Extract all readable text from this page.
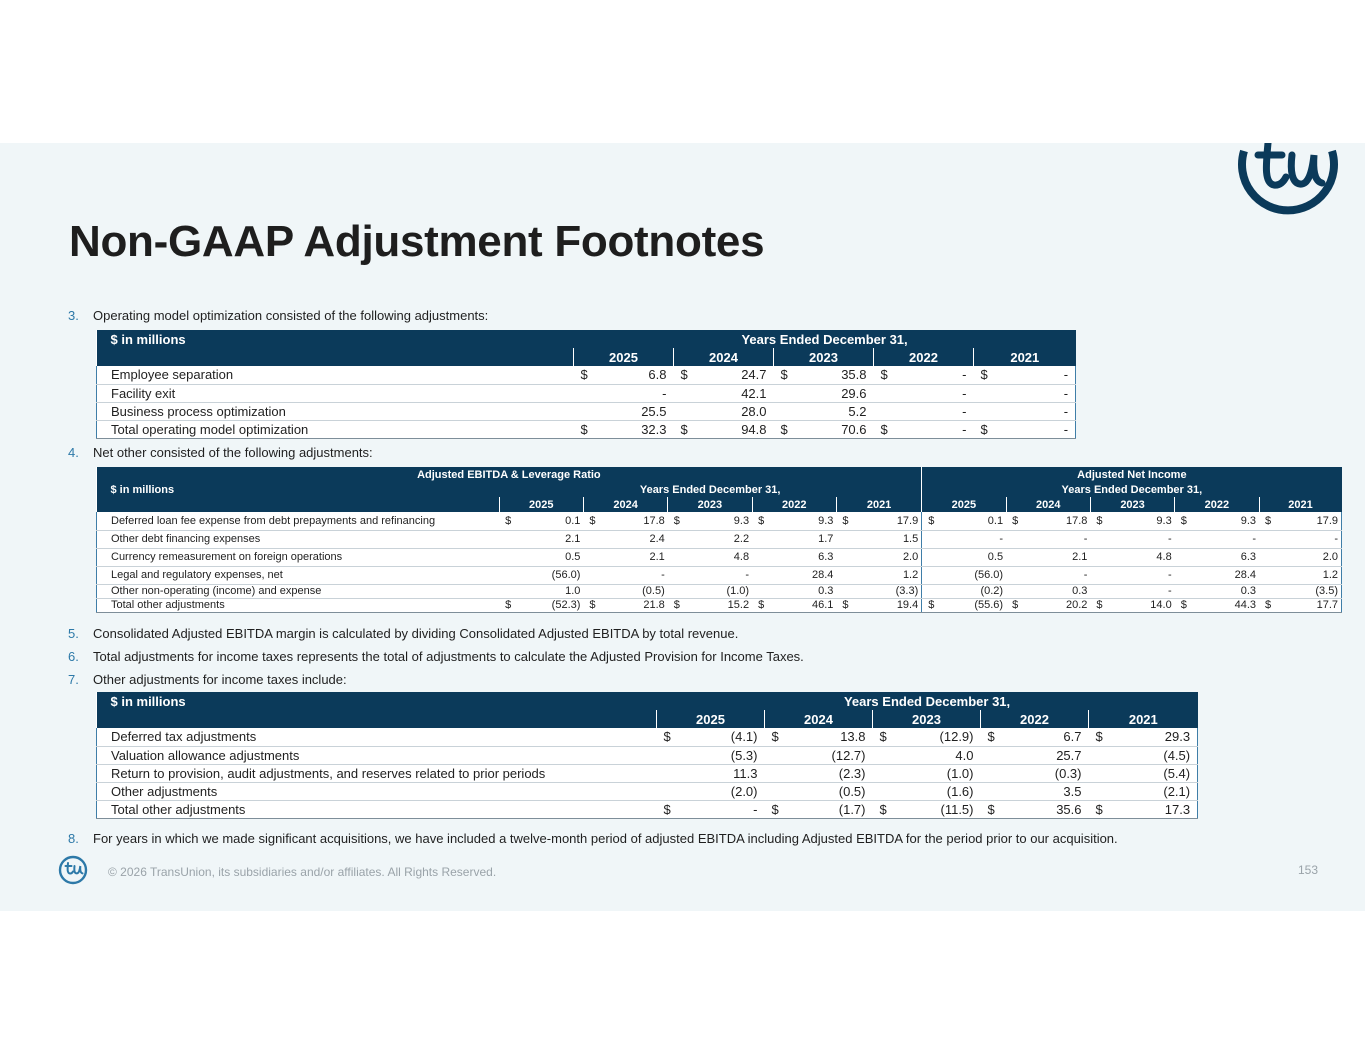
Non-GAAP Adjustment Footnotes
3. Operating model optimization consisted of the following adjustments:
$ in millions	Years Ended December 31,									
	2025		2024		2023		2022		2021	
Employee separation	$	6.8	$	24.7	$	35.8	$	-	$	-
Facility exit		-		42.1		29.6		-		-
Business process optimization		25.5		28.0		5.2		-		-
Total operating model optimization	$	32.3	$	94.8	$	70.6	$	-	$	-
4. Net other consisted of the following adjustments:
Adjusted EBITDA & Leverage Ratio											Adjusted Net Income									
$ in millions	Years Ended December 31,										Years Ended December 31,									
	2025		2024		2023		2022		2021		2025		2024		2023		2022		2021	
Deferred loan fee expense from debt prepayments and refinancing	$	0.1	$	17.8	$	9.3	$	9.3	$	17.9	$	0.1	$	17.8	$	9.3	$	9.3	$	17.9
Other debt financing expenses		2.1		2.4		2.2		1.7		1.5		-		-		-		-		-
Currency remeasurement on foreign operations		0.5		2.1		4.8		6.3		2.0		0.5		2.1		4.8		6.3		2.0
Legal and regulatory expenses, net		(56.0)		-		-		28.4		1.2		(56.0)		-		-		28.4		1.2
Other non-operating (income) and expense		1.0		(0.5)		(1.0)		0.3		(3.3)		(0.2)		0.3		-		0.3		(3.5)
Total other adjustments	$	(52.3)	$	21.8	$	15.2	$	46.1	$	19.4	$	(55.6)	$	20.2	$	14.0	$	44.3	$	17.7
5. Consolidated Adjusted EBITDA margin is calculated by dividing Consolidated Adjusted EBITDA by total revenue.
6. Total adjustments for income taxes represents the total of adjustments to calculate the Adjusted Provision for Income Taxes.
7. Other adjustments for income taxes include:
$ in millions	Years Ended December 31,									
	2025		2024		2023		2022		2021	
Deferred tax adjustments	$	(4.1)	$	13.8	$	(12.9)	$	6.7	$	29.3
Valuation allowance adjustments		(5.3)		(12.7)		4.0		25.7		(4.5)
Return to provision, audit adjustments, and reserves related to prior periods		11.3		(2.3)		(1.0)		(0.3)		(5.4)
Other adjustments		(2.0)		(0.5)		(1.6)		3.5		(2.1)
Total other adjustments	$	-	$	(1.7)	$	(11.5)	$	35.6	$	17.3
8.	For years in which we made significant acquisitions, we have included a twelve-month period of adjusted EBITDA including Adjusted EBITDA for the period prior to our acquisition.
© 2026 TransUnion, its subsidiaries and/or affiliates. All Rights Reserved.	153
